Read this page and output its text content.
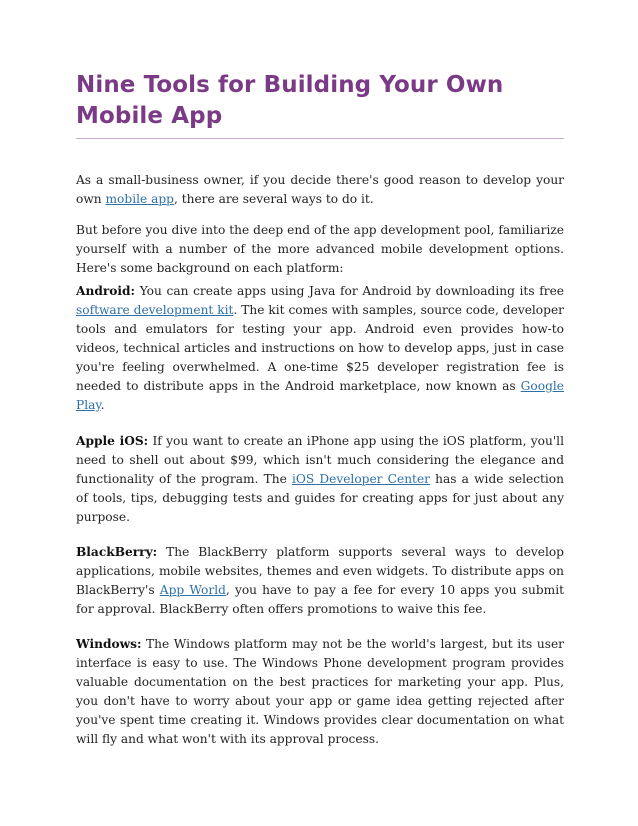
Nine Tools for Building Your Own Mobile App

As a small-business owner, if you decide there's good reason to develop your own mobile app, there are several ways to do it.

But before you dive into the deep end of the app development pool, familiarize yourself with a number of the more advanced mobile development options. Here's some background on each platform:

Android: You can create apps using Java for Android by downloading its free software development kit. The kit comes with samples, source code, developer tools and emulators for testing your app. Android even provides how-to videos, technical articles and instructions on how to develop apps, just in case you're feeling overwhelmed. A one-time $25 developer registration fee is needed to distribute apps in the Android marketplace, now known as Google Play.

Apple iOS: If you want to create an iPhone app using the iOS platform, you'll need to shell out about $99, which isn't much considering the elegance and functionality of the program. The iOS Developer Center has a wide selection of tools, tips, debugging tests and guides for creating apps for just about any purpose.

BlackBerry: The BlackBerry platform supports several ways to develop applications, mobile websites, themes and even widgets. To distribute apps on BlackBerry's App World, you have to pay a fee for every 10 apps you submit for approval. BlackBerry often offers promotions to waive this fee.

Windows: The Windows platform may not be the world's largest, but its user interface is easy to use. The Windows Phone development program provides valuable documentation on the best practices for marketing your app. Plus, you don't have to worry about your app or game idea getting rejected after you've spent time creating it. Windows provides clear documentation on what will fly and what won't with its approval process.
